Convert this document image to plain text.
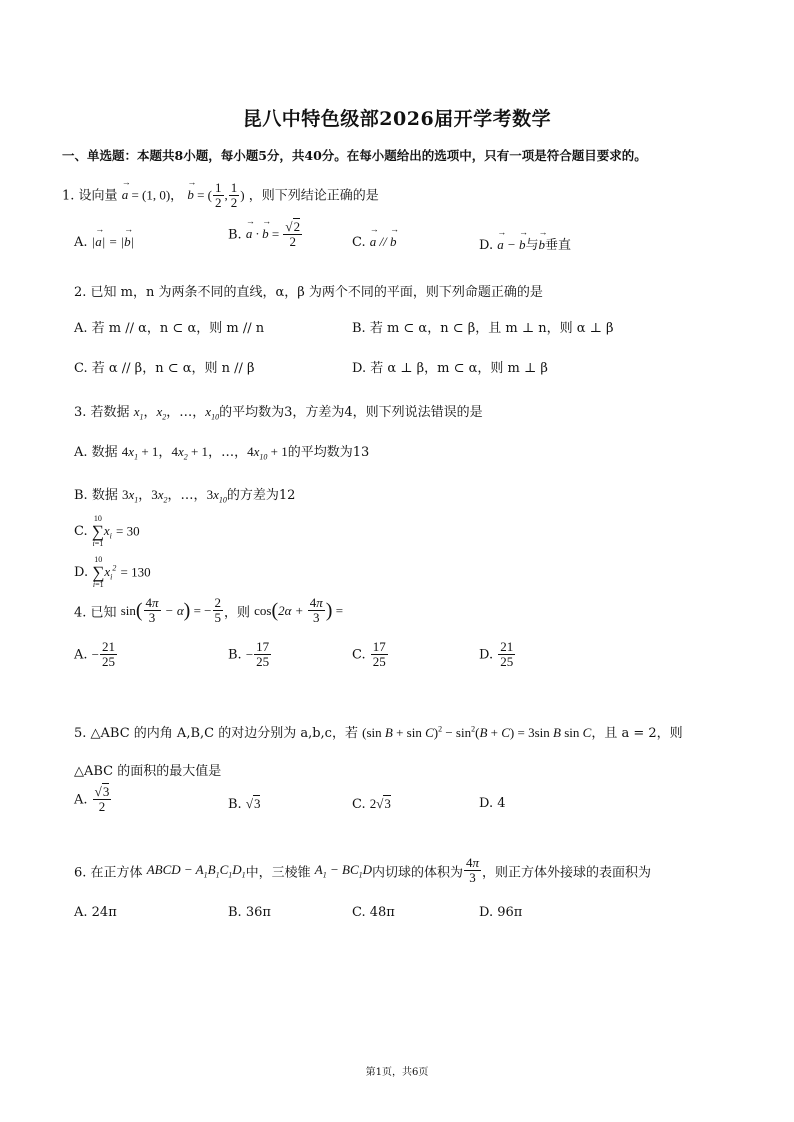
昆八中特色级部2026届开学考数学
一、单选题：本题共8小题，每小题5分，共40分。在每小题给出的选项中，只有一项是符合题目要求的。
1. 设向量 → a = (1, 0)， → b = ( $\frac{1}{2}$ , $\frac{1}{2}$ ) ，则下列结论正确的是
A. |→ a| = |→ b|	B. → a · → $b = \frac{√2}{2}$	C. → a // → b	D. → a − → b与→ b垂直
2. 已知 m，n 为两条不同的直线，α，β 为两个不同的平面，则下列命题正确的是
A. 若 m // α，n ⊂ α，则 m // n	B. 若 m ⊂ α，n ⊂ β，且 m ⊥ n，则 α ⊥ β
C. 若 α // β，n ⊂ α，则 n // β	D. 若 α ⊥ β，m ⊂ α，则 m ⊥ β
3. 若数据 $x_1$，$x_2$，…，$x_{10}$的平均数为3，方差为4，则下列说法错误的是
A. 数据 $4x_1 + 1$，$4x_2 + 1$，…，$4x_{10} + 1$的平均数为13
B. 数据 $3x_1$，$3x_2$，…，$3x_{10}$的方差为12
C. 10
∑
$i=1x_i = 30$
D. 10
∑
$i=1x_i^2 = 130$
4. 已知 $\sin( \frac{4\pi}{3} - \alpha)$ = − $\frac{2}{5}$ ，则 $\cos(2\alpha + \frac{4\pi}{3}$ ) =
A. − $\frac{21}{25}$	B. − $\frac{17}{25}$	C. $\frac{17}{25}$	D. $\frac{21}{25}$
5. △ABC 的内角 A,B,C 的对边分别为 a,b,c，若 (sin $B + \sin C)^2 - \sin^2(B + C) = 3\sin$ B sin C，且 a = 2，则
△ABC 的面积的最大值是
A. $\frac{√3}{2}$	B. √3	C. 2√3	D. 4
6. 在正方体 ABCD − $A_1B_1C_1D_1$中，三棱锥 $A_1 - BC_1D$内切球的体积为 $\frac{4\pi}{3}$ ，则正方体外接球的表面积为
A. 24π	B. 36π	C. 48π	D. 96π
第1页，共6页
